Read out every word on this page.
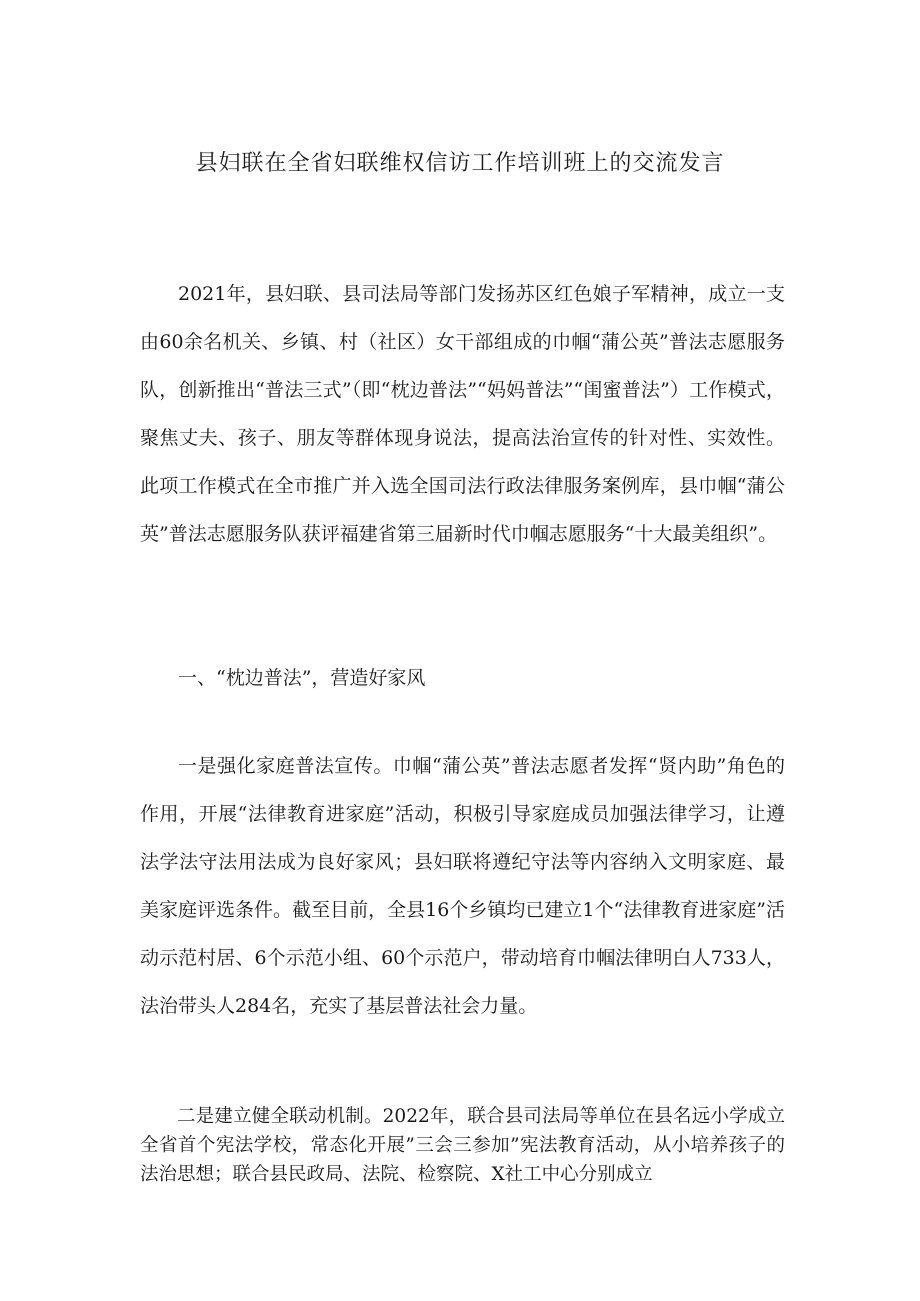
县妇联在全省妇联维权信访工作培训班上的交流发言

2021年，县妇联、县司法局等部门发扬苏区红色娘子军精神，成立一支由60余名机关、乡镇、村（社区）女干部组成的巾帼“蒲公英”普法志愿服务队，创新推出“普法三式”（即“枕边普法”“妈妈普法”“闺蜜普法”）工作模式，聚焦丈夫、孩子、朋友等群体现身说法，提高法治宣传的针对性、实效性。此项工作模式在全市推广并入选全国司法行政法律服务案例库，县巾帼“蒲公英”普法志愿服务队获评福建省第三届新时代巾帼志愿服务“十大最美组织”。

一、“枕边普法”，营造好家风

一是强化家庭普法宣传。巾帼“蒲公英”普法志愿者发挥“贤内助”角色的作用，开展“法律教育进家庭”活动，积极引导家庭成员加强法律学习，让遵法学法守法用法成为良好家风；县妇联将遵纪守法等内容纳入文明家庭、最美家庭评选条件。截至目前，全县16个乡镇均已建立1个“法律教育进家庭”活动示范村居、6个示范小组、60个示范户，带动培育巾帼法律明白人733人，法治带头人284名，充实了基层普法社会力量。

二是建立健全联动机制。2022年，联合县司法局等单位在县名远小学成立全省首个宪法学校，常态化开展”三会三参加”宪法教育活动，从小培养孩子的法治思想；联合县民政局、法院、检察院、X社工中心分别成立
